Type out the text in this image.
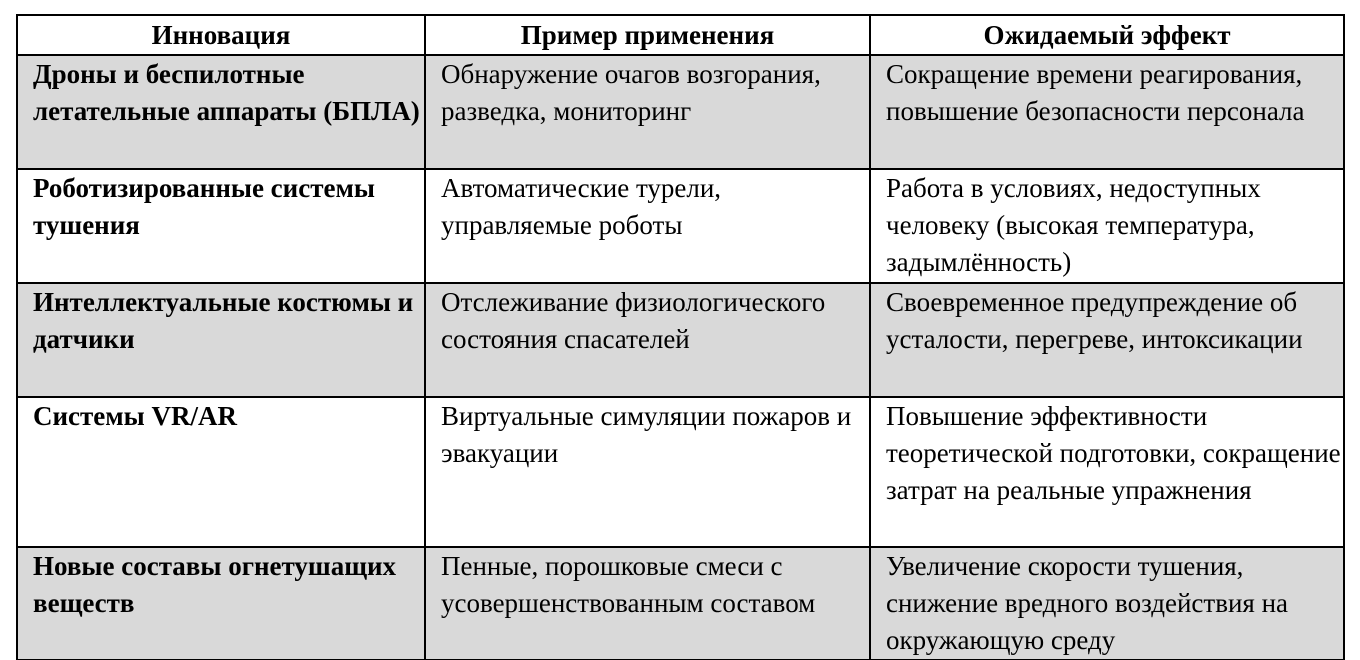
Инновация	Пример применения	Ожидаемый эффект
Дроны и беспилотные летательные аппараты (БПЛА)	Обнаружение очагов возгорания, разведка, мониторинг	Сокращение времени реагирования, повышение безопасности персонала
Роботизированные системы тушения	Автоматические турели, управляемые роботы	Работа в условиях, недоступных человеку (высокая температура, задымлённость)
Интеллектуальные костюмы и датчики	Отслеживание физиологического состояния спасателей	Своевременное предупреждение об усталости, перегреве, интоксикации
Системы VR/AR	Виртуальные симуляции пожаров и эвакуации	Повышение эффективности теоретической подготовки, сокращение затрат на реальные упражнения
Новые составы огнетушащих веществ	Пенные, порошковые смеси с усовершенствованным составом	Увеличение скорости тушения, снижение вредного воздействия на окружающую среду
